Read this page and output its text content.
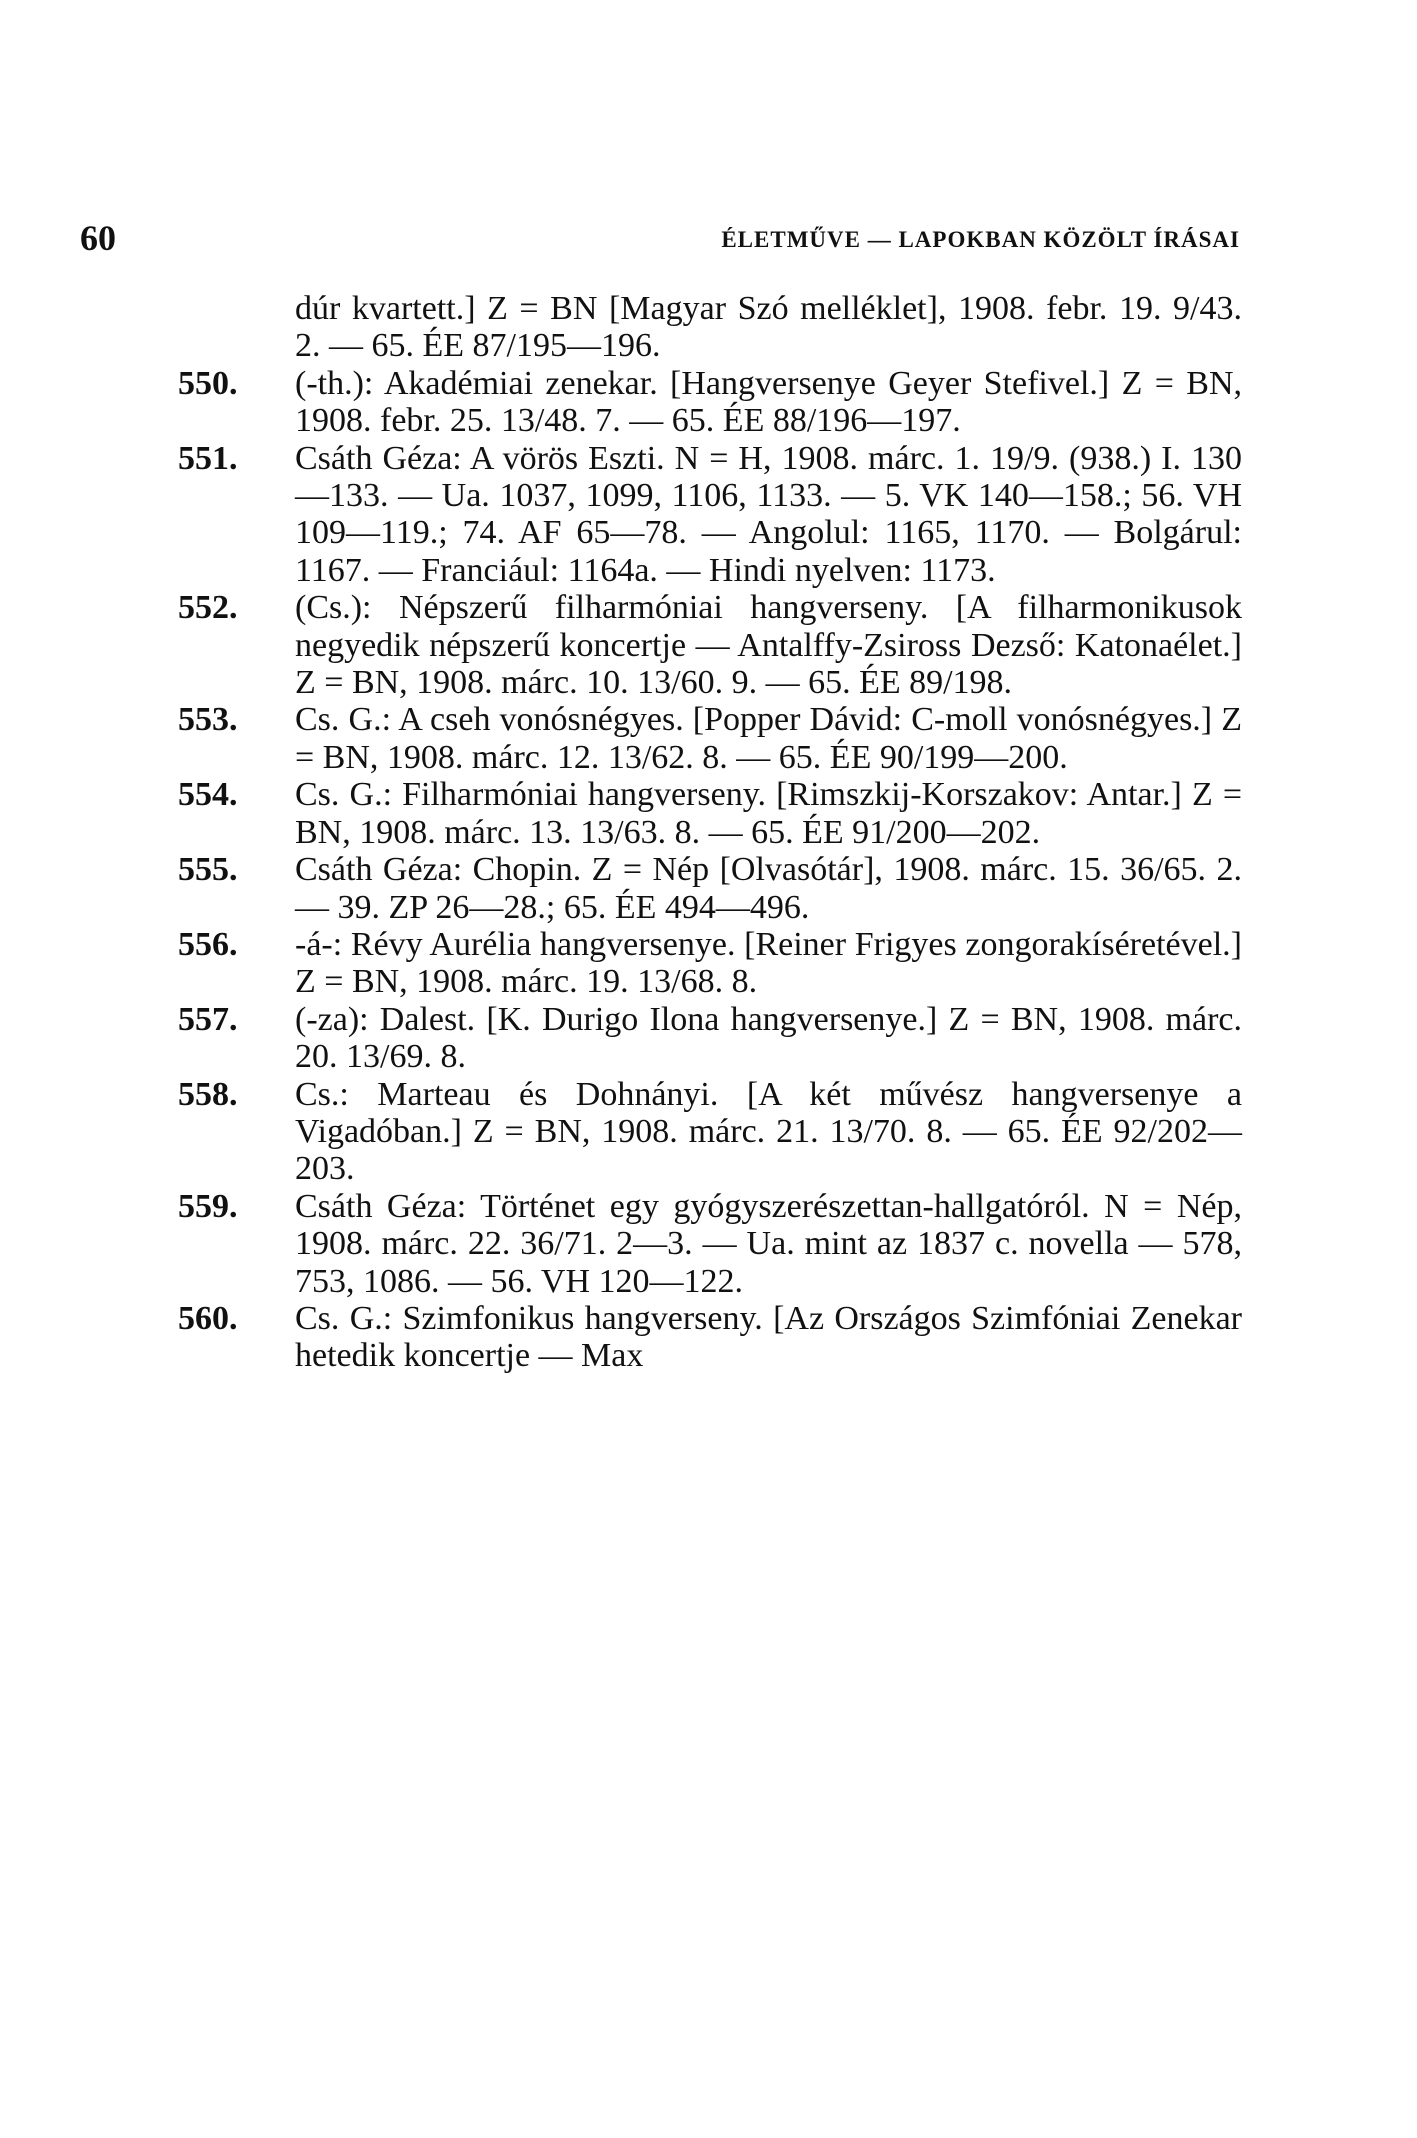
60	ÉLETMŰVE — LAPOKBAN KÖZÖLT ÍRÁSAI
dúr kvartett.] Z = BN [Magyar Szó melléklet], 1908. febr. 19. 9/43. 2. — 65. ÉE 87/195—196.
550. (-th.): Akadémiai zenekar. [Hangversenye Geyer Stefivel.] Z = BN, 1908. febr. 25. 13/48. 7. — 65. ÉE 88/196—197.
551. Csáth Géza: A vörös Eszti. N = H, 1908. márc. 1. 19/9. (938.) I. 130—133. — Ua. 1037, 1099, 1106, 1133. — 5. VK 140—158.; 56. VH 109—119.; 74. AF 65—78. — Angolul: 1165, 1170. — Bolgárul: 1167. — Franciául: 1164a. — Hindi nyelven: 1173.
552. (Cs.): Népszerű filharmóniai hangverseny. [A filharmonikusok negyedik népszerű koncertje — Antalffy-Zsiross Dezső: Katonaélet.] Z = BN, 1908. márc. 10. 13/60. 9. — 65. ÉE 89/198.
553. Cs. G.: A cseh vonósnégyes. [Popper Dávid: C-moll vonósnégyes.] Z = BN, 1908. márc. 12. 13/62. 8. — 65. ÉE 90/199—200.
554. Cs. G.: Filharmóniai hangverseny. [Rimszkij-Korszakov: Antar.] Z = BN, 1908. márc. 13. 13/63. 8. — 65. ÉE 91/200—202.
555. Csáth Géza: Chopin. Z = Nép [Olvasótár], 1908. márc. 15. 36/65. 2. — 39. ZP 26—28.; 65. ÉE 494—496.
556. -á-: Révy Aurélia hangversenye. [Reiner Frigyes zongorakíséretével.] Z = BN, 1908. márc. 19. 13/68. 8.
557. (-za): Dalest. [K. Durigo Ilona hangversenye.] Z = BN, 1908. márc. 20. 13/69. 8.
558. Cs.: Marteau és Dohnányi. [A két művész hangversenye a Vigadóban.] Z = BN, 1908. márc. 21. 13/70. 8. — 65. ÉE 92/202—203.
559. Csáth Géza: Történet egy gyógyszerészettan-hallgatóról. N = Nép, 1908. márc. 22. 36/71. 2—3. — Ua. mint az 1837 c. novella — 578, 753, 1086. — 56. VH 120—122.
560. Cs. G.: Szimfonikus hangverseny. [Az Országos Szimfóniai Zenekar hetedik koncertje — Max
